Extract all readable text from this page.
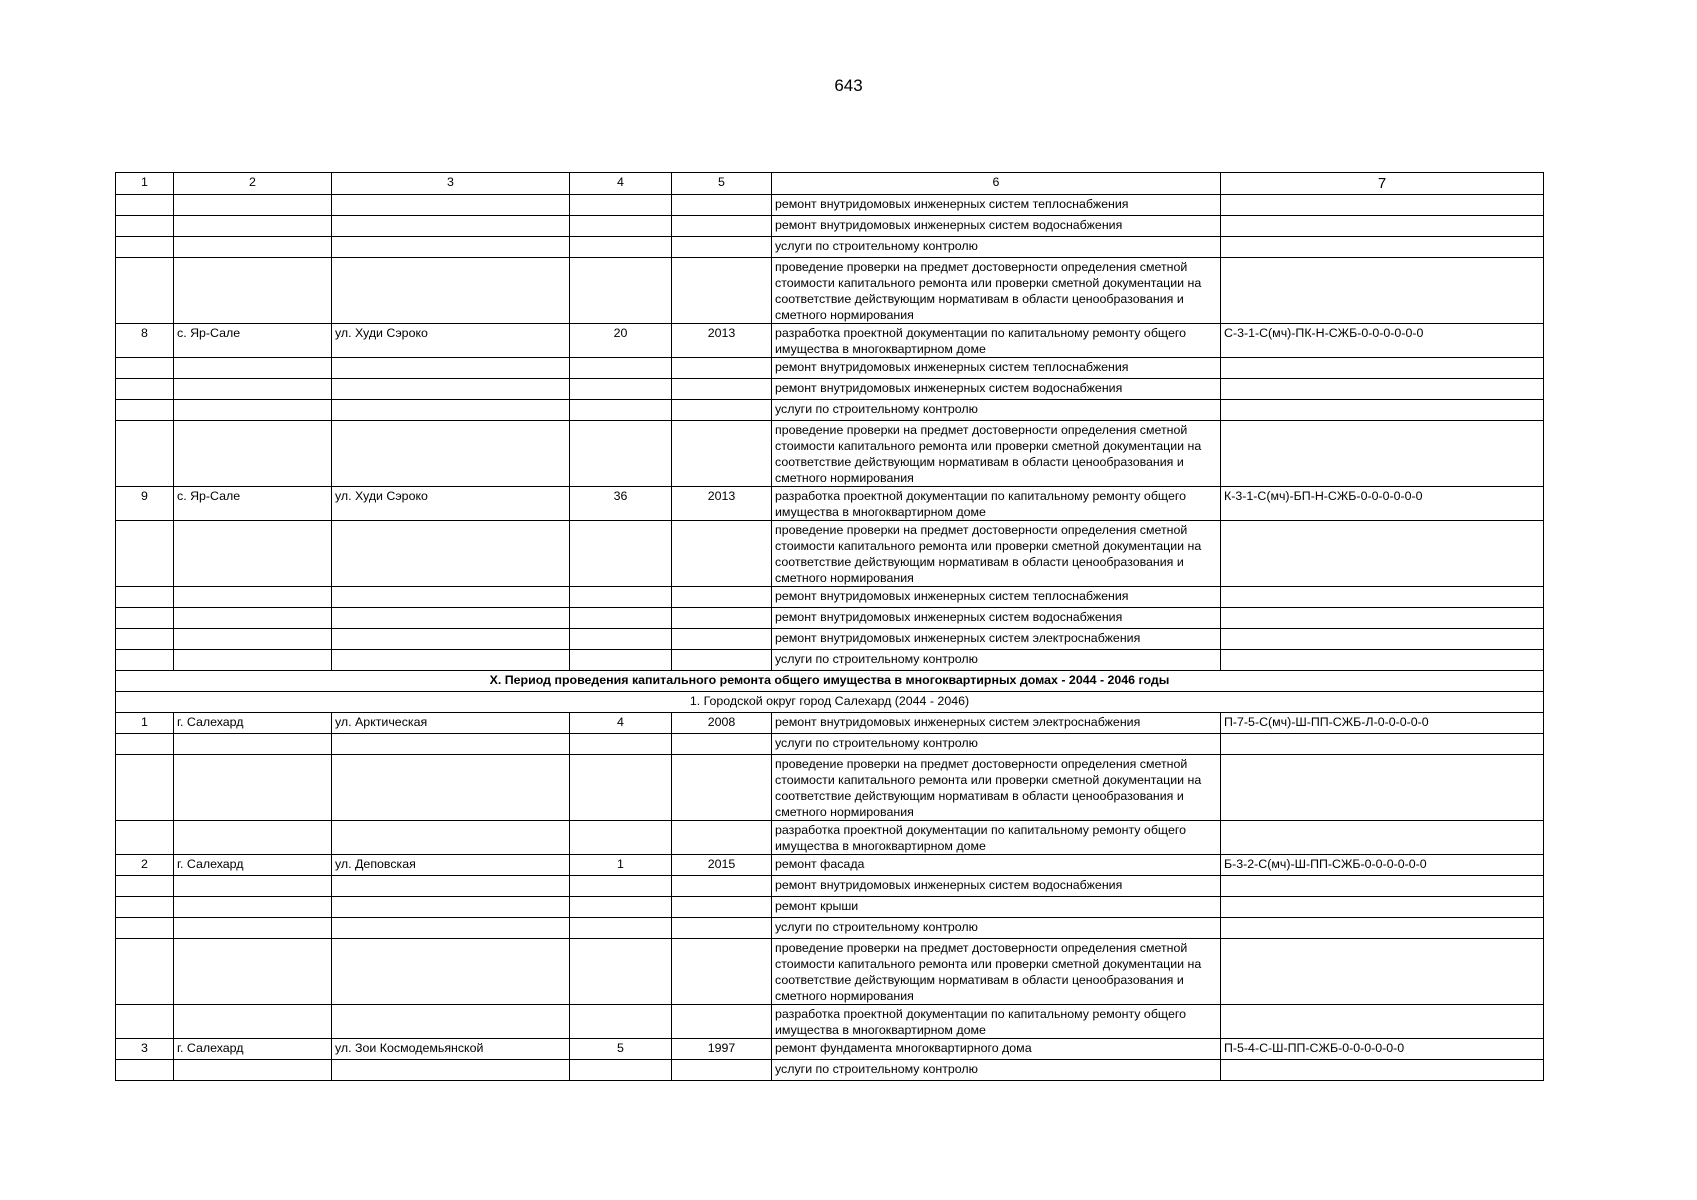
643
1	2	3	4	5	6	7
					ремонт внутридомовых инженерных систем теплоснабжения	
					ремонт внутридомовых инженерных систем водоснабжения	
					услуги по строительному контролю	
					проведение проверки на предмет достоверности определения сметной стоимости капитального ремонта или проверки сметной документации на соответствие действующим нормативам в области ценообразования и сметного нормирования	
8	с. Яр-Сале	ул. Худи Сэроко	20	2013	разработка проектной документации по капитальному ремонту общего имущества в многоквартирном доме	С-3-1-С(мч)-ПК-Н-СЖБ-0-0-0-0-0-0
					ремонт внутридомовых инженерных систем теплоснабжения	
					ремонт внутридомовых инженерных систем водоснабжения	
					услуги по строительному контролю	
					проведение проверки на предмет достоверности определения сметной стоимости капитального ремонта или проверки сметной документации на соответствие действующим нормативам в области ценообразования и сметного нормирования	
9	с. Яр-Сале	ул. Худи Сэроко	36	2013	разработка проектной документации по капитальному ремонту общего имущества в многоквартирном доме	К-3-1-С(мч)-БП-Н-СЖБ-0-0-0-0-0-0
					проведение проверки на предмет достоверности определения сметной стоимости капитального ремонта или проверки сметной документации на соответствие действующим нормативам в области ценообразования и сметного нормирования	
					ремонт внутридомовых инженерных систем теплоснабжения	
					ремонт внутридомовых инженерных систем водоснабжения	
					ремонт внутридомовых инженерных систем электроснабжения	
					услуги по строительному контролю	
X. Период проведения капитального ремонта общего имущества в многоквартирных домах - 2044 - 2046 годы						
1. Городской округ город Салехард (2044 - 2046)						
1	г. Салехард	ул. Арктическая	4	2008	ремонт внутридомовых инженерных систем электроснабжения	П-7-5-С(мч)-Ш-ПП-СЖБ-Л-0-0-0-0-0
					услуги по строительному контролю	
					проведение проверки на предмет достоверности определения сметной стоимости капитального ремонта или проверки сметной документации на соответствие действующим нормативам в области ценообразования и сметного нормирования	
					разработка проектной документации по капитальному ремонту общего имущества в многоквартирном доме	
2	г. Салехард	ул. Деповская	1	2015	ремонт фасада	Б-3-2-С(мч)-Ш-ПП-СЖБ-0-0-0-0-0-0
					ремонт внутридомовых инженерных систем водоснабжения	
					ремонт крыши	
					услуги по строительному контролю	
					проведение проверки на предмет достоверности определения сметной стоимости капитального ремонта или проверки сметной документации на соответствие действующим нормативам в области ценообразования и сметного нормирования	
					разработка проектной документации по капитальному ремонту общего имущества в многоквартирном доме	
3	г. Салехард	ул. Зои Космодемьянской	5	1997	ремонт фундамента многоквартирного дома	П-5-4-С-Ш-ПП-СЖБ-0-0-0-0-0-0
					услуги по строительному контролю	
